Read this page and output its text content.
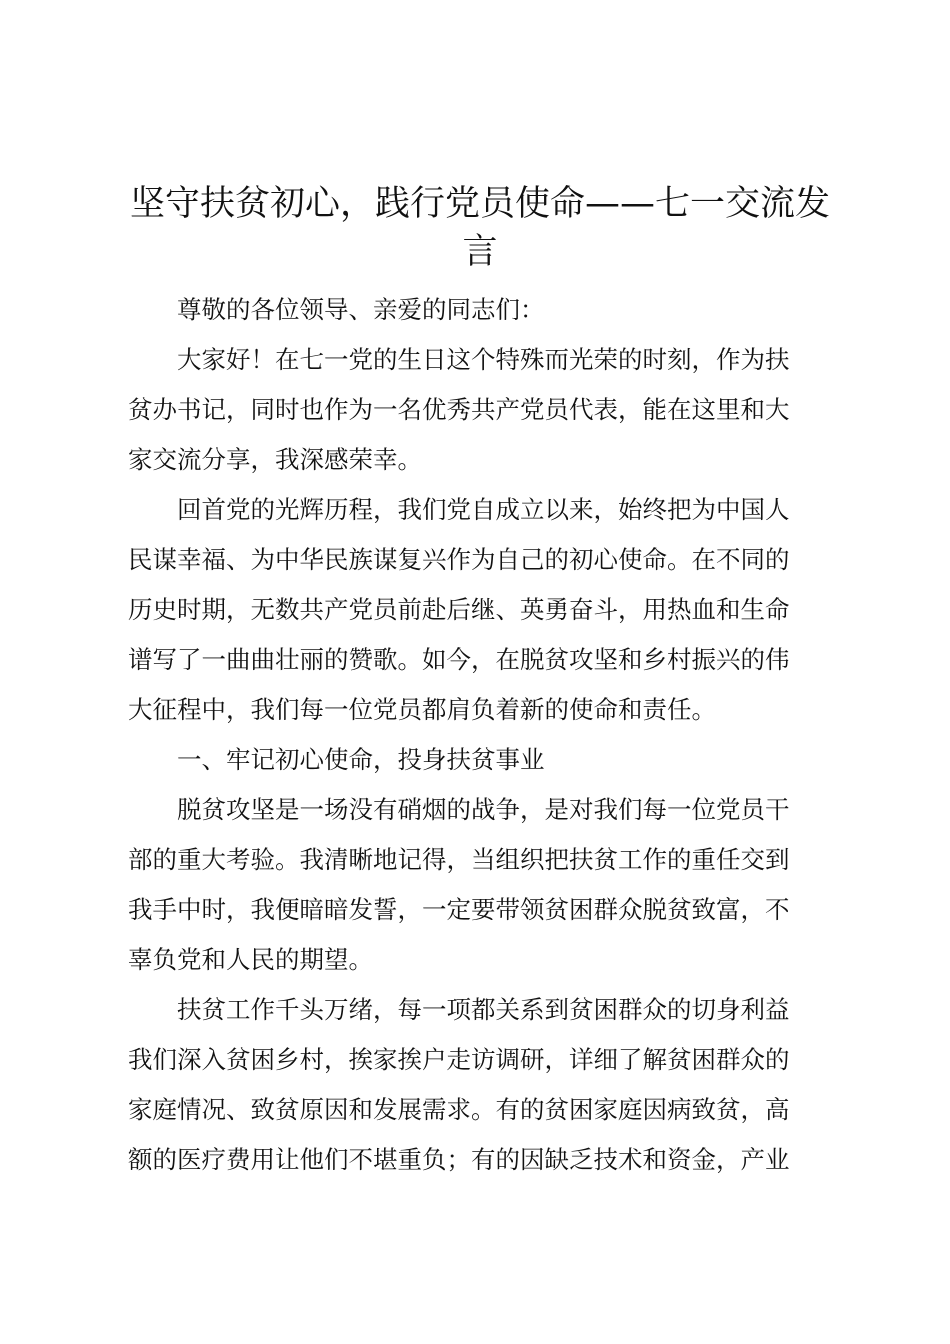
坚守扶贫初心，践行党员使命——七一交流发言

尊敬的各位领导、亲爱的同志们：

大家好！在七一党的生日这个特殊而光荣的时刻，作为扶
贫办书记，同时也作为一名优秀共产党员代表，能在这里和大
家交流分享，我深感荣幸。

回首党的光辉历程，我们党自成立以来，始终把为中国人
民谋幸福、为中华民族谋复兴作为自己的初心使命。在不同的
历史时期，无数共产党员前赴后继、英勇奋斗，用热血和生命
谱写了一曲曲壮丽的赞歌。如今，在脱贫攻坚和乡村振兴的伟
大征程中，我们每一位党员都肩负着新的使命和责任。

一、牢记初心使命，投身扶贫事业

脱贫攻坚是一场没有硝烟的战争，是对我们每一位党员干
部的重大考验。我清晰地记得，当组织把扶贫工作的重任交到
我手中时，我便暗暗发誓，一定要带领贫困群众脱贫致富，不
辜负党和人民的期望。

扶贫工作千头万绪，每一项都关系到贫困群众的切身利益
我们深入贫困乡村，挨家挨户走访调研，详细了解贫困群众的
家庭情况、致贫原因和发展需求。有的贫困家庭因病致贫，高
额的医疗费用让他们不堪重负；有的因缺乏技术和资金，产业
